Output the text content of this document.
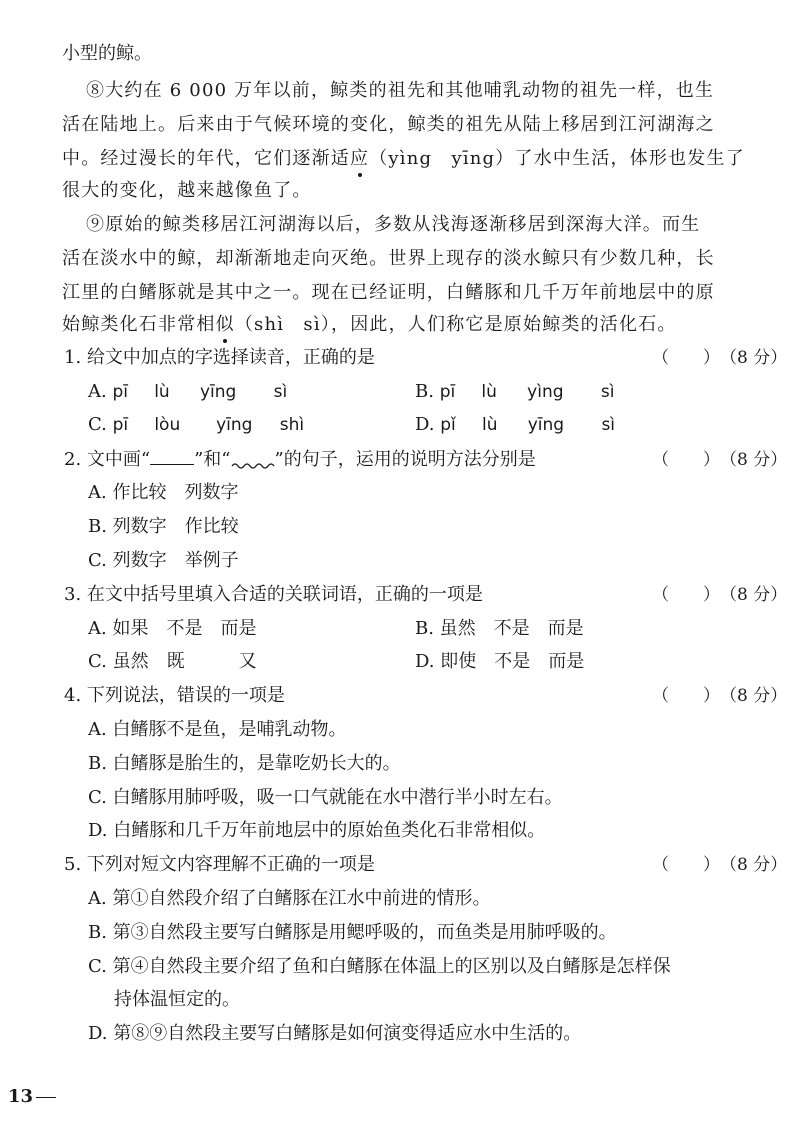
小型的鲸。
⑧大约在 6 000 万年以前，鲸类的祖先和其他哺乳动物的祖先一样，也生
活在陆地上。后来由于气候环境的变化，鲸类的祖先从陆上移居到江河湖海之
中。经过漫长的年代，它们逐渐适应（yìng　yīng）了水中生活，体形也发生了
很大的变化，越来越像鱼了。
⑨原始的鲸类移居江河湖海以后，多数从浅海逐渐移居到深海大洋。而生
活在淡水中的鲸，却渐渐地走向灭绝。世界上现存的淡水鲸只有少数几种，长
江里的白鳍豚就是其中之一。现在已经证明，白鳍豚和几千万年前地层中的原
始鲸类化石非常相似（shì　sì），因此，人们称它是原始鲸类的活化石。
1. 给文中加点的字选择读音，正确的是	（　　）（8 分）
A. pī lù yīng sì	B. pī lù yìng sì
C. pī lòu yīng shì	D. pǐ lù yīng sì
2. 文中画“ ”和“ ”的句子，运用的说明方法分别是	（　　）（8 分）
A. 作比较　列数字
B. 列数字　作比较
C. 列数字　举例子
3. 在文中括号里填入合适的关联词语，正确的一项是	（　　）（8 分）
A. 如果　不是　而是	B. 虽然　不是　而是
C. 虽然　既　　　又	D. 即使　不是　而是
4. 下列说法，错误的一项是	（　　）（8 分）
A. 白鳍豚不是鱼，是哺乳动物。
B. 白鳍豚是胎生的，是靠吃奶长大的。
C. 白鳍豚用肺呼吸，吸一口气就能在水中潜行半小时左右。
D. 白鳍豚和几千万年前地层中的原始鱼类化石非常相似。
5. 下列对短文内容理解不正确的一项是	（　　）（8 分）
A. 第①自然段介绍了白鳍豚在江水中前进的情形。
B. 第③自然段主要写白鳍豚是用鳃呼吸的，而鱼类是用肺呼吸的。
C. 第④自然段主要介绍了鱼和白鳍豚在体温上的区别以及白鳍豚是怎样保
持体温恒定的。
D. 第⑧⑨自然段主要写白鳍豚是如何演变得适应水中生活的。
13
